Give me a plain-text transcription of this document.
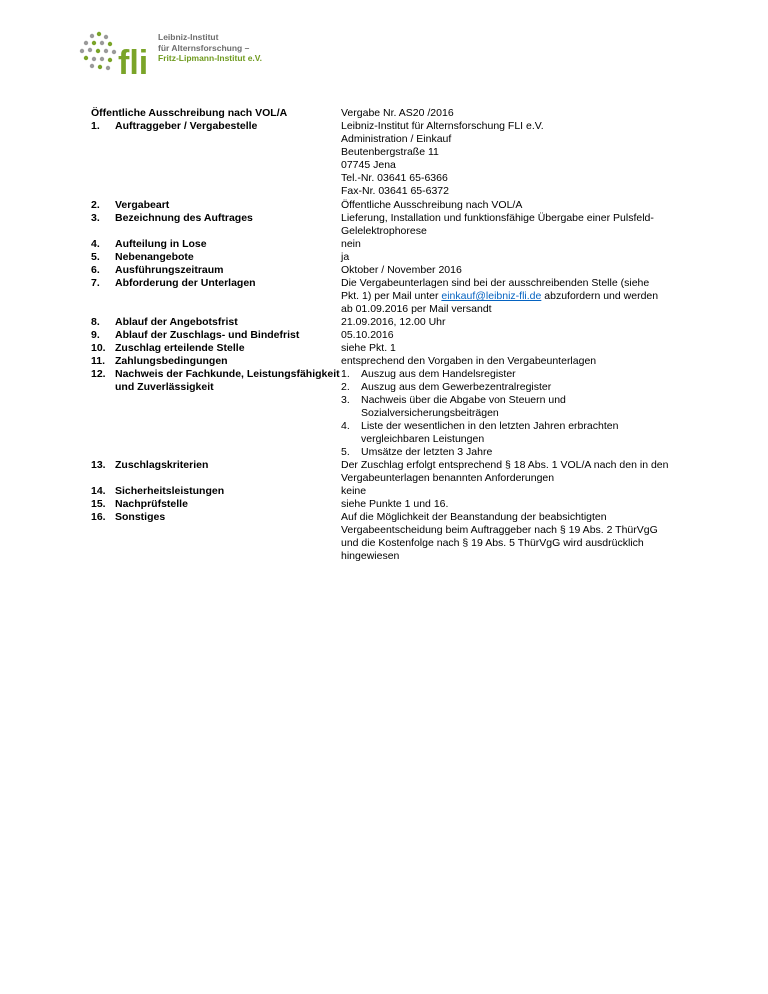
fli
Leibniz-Institut
für Alternsforschung –
Fritz-Lipmann-Institut e.V.
Öffentliche Ausschreibung nach VOL/A
1. Auftraggeber / Vergabestelle
2. Vergabeart
3. Bezeichnung des Auftrages
4. Aufteilung in Lose
5. Nebenangebote
6. Ausführungszeitraum
7. Abforderung der Unterlagen
8. Ablauf der Angebotsfrist
9. Ablauf der Zuschlags- und Bindefrist
10. Zuschlag erteilende Stelle
11. Zahlungsbedingungen
12. Nachweis der Fachkunde, Leistungsfähigkeit
und Zuverlässigkeit
13. Zuschlagskriterien
14. Sicherheitsleistungen
15. Nachprüfstelle
16. Sonstiges
Vergabe Nr. AS20 /2016
Leibniz-Institut für Alternsforschung FLI e.V.
Administration / Einkauf
Beutenbergstraße 11
07745 Jena
Tel.-Nr. 03641 65-6366
Fax-Nr. 03641 65-6372
Öffentliche Ausschreibung nach VOL/A
Lieferung, Installation und funktionsfähige Übergabe einer Pulsfeld-
Gelelektrophorese
nein
ja
Oktober / November 2016
Die Vergabeunterlagen sind bei der ausschreibenden Stelle (siehe
Pkt. 1) per Mail unter einkauf@leibniz-fli.de abzufordern und werden
ab 01.09.2016 per Mail versandt
21.09.2016, 12.00 Uhr
05.10.2016
siehe Pkt. 1
entsprechend den Vorgaben in den Vergabeunterlagen
1. Auszug aus dem Handelsregister
2. Auszug aus dem Gewerbezentralregister
3. Nachweis über die Abgabe von Steuern und
Sozialversicherungsbeiträgen
4. Liste der wesentlichen in den letzten Jahren erbrachten
vergleichbaren Leistungen
5. Umsätze der letzten 3 Jahre
Der Zuschlag erfolgt entsprechend § 18 Abs. 1 VOL/A nach den in den
Vergabeunterlagen benannten Anforderungen
keine
siehe Punkte 1 und 16.
Auf die Möglichkeit der Beanstandung der beabsichtigten
Vergabeentscheidung beim Auftraggeber nach § 19 Abs. 2 ThürVgG
und die Kostenfolge nach § 19 Abs. 5 ThürVgG wird ausdrücklich
hingewiesen
